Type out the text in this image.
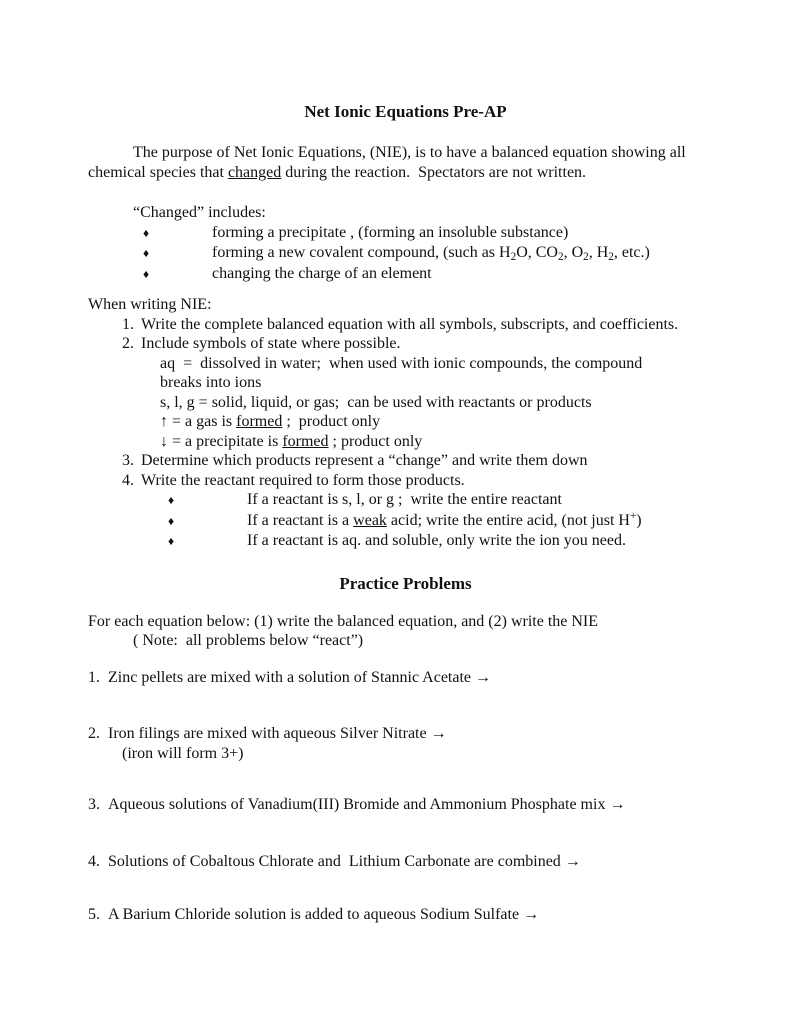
Net Ionic Equations Pre-AP

The purpose of Net Ionic Equations, (NIE), is to have a balanced equation showing all
chemical species that changed during the reaction.  Spectators are not written.

“Changed” includes:
♦	forming a precipitate , (forming an insoluble substance)
♦	forming a new covalent compound, (such as $H_2O$, $CO_2$, $O_2$, $H_2$, etc.)
♦	changing the charge of an element
When writing NIE:
1. Write the complete balanced equation with all symbols, subscripts, and coefficients.
2. Include symbols of state where possible.
aq  =  dissolved in water;  when used with ionic compounds, the compound
breaks into ions
s, l, g = solid, liquid, or gas;  can be used with reactants or products
↑ = a gas is formed ;  product only
↓ = a precipitate is formed ; product only
3. Determine which products represent a “change” and write them down
4. Write the reactant required to form those products.
♦	If a reactant is s, l, or g ;  write the entire reactant
♦	If a reactant is a weak acid; write the entire acid, (not just H+)
♦	If a reactant is aq. and soluble, only write the ion you need.
Practice Problems
For each equation below: (1) write the balanced equation, and (2) write the NIE
( Note:  all problems below “react”)
1. Zinc pellets are mixed with a solution of Stannic Acetate →
2. Iron filings are mixed with aqueous Silver Nitrate →
(iron will form 3+)
3. Aqueous solutions of Vanadium(III) Bromide and Ammonium Phosphate mix →
4. Solutions of Cobaltous Chlorate and  Lithium Carbonate are combined →
5. A Barium Chloride solution is added to aqueous Sodium Sulfate →
